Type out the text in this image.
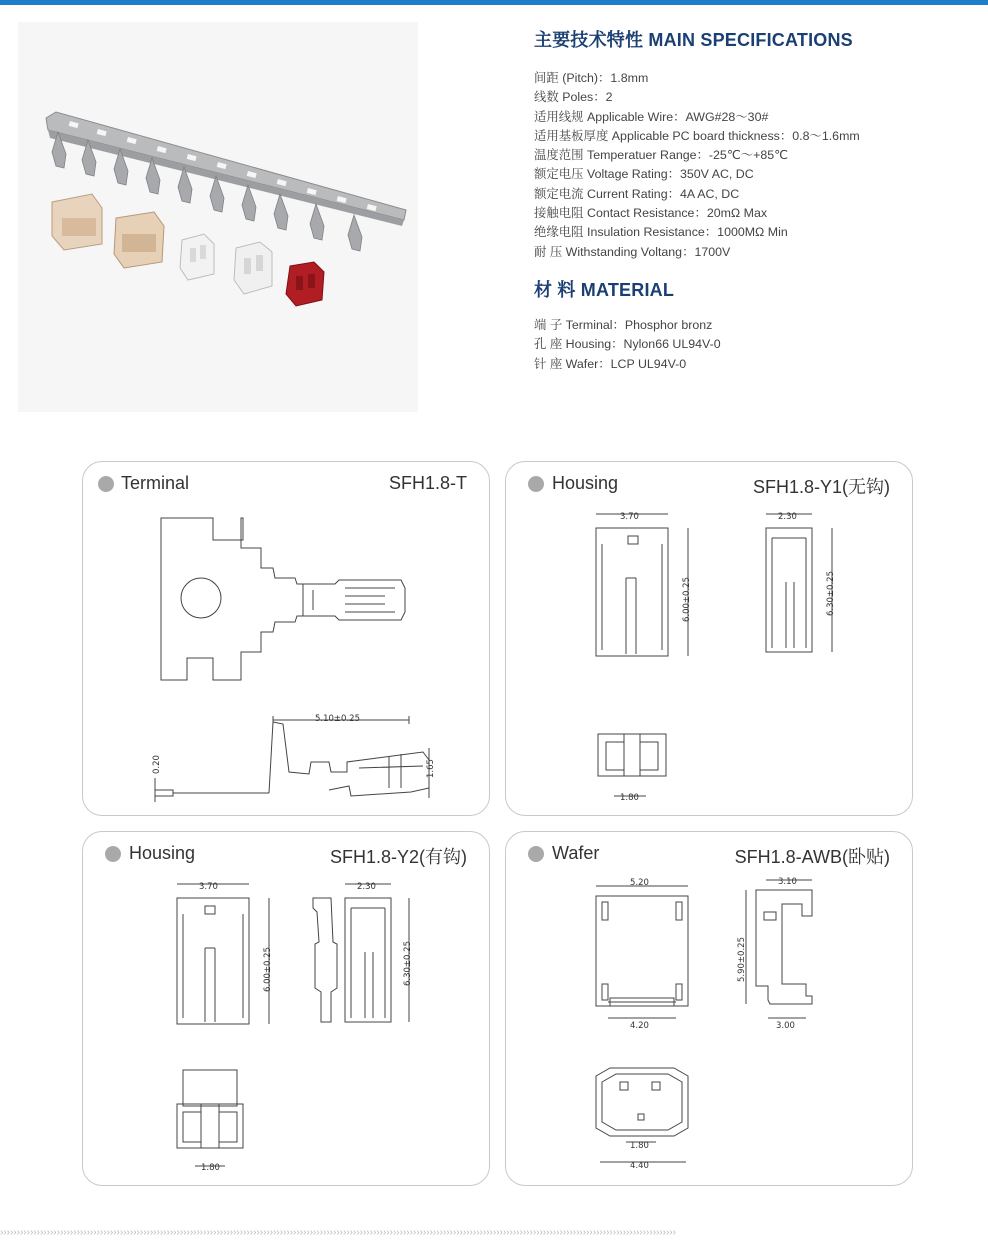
主要技术特性 MAIN SPECIFICATIONS
间距 (Pitch)：1.8mm
线数 Poles：2
适用线规 Applicable Wire：AWG#28～30#
适用基板厚度 Applicable PC board thickness：0.8～1.6mm
温度范围 Temperatuer Range：-25℃～+85℃
额定电压 Voltage Rating：350V AC, DC
额定电流 Current Rating：4A AC, DC
接触电阻 Contact Resistance：20mΩ Max
绝缘电阻 Insulation Resistance：1000MΩ Min
耐 压 Withstanding Voltang：1700V
材 料 MATERIAL
端 子 Terminal：Phosphor bronz
孔 座 Housing：Nylon66 UL94V-0
针 座 Wafer：LCP UL94V-0
Terminal	SFH1.8-T
5.10±0.25
0.20	1.65
Housing	SFH1.8-Y1(无钩)
3.70
6.00±0.25
2.30
6.30±0.25
1.80
Housing	SFH1.8-Y2(有钩)
3.70
6.00±0.25
2.30
6.30±0.25
1.80
Wafer	SFH1.8-AWB(卧贴)
5.20
4.20
3.10
5.90±0.25
3.00
1.80
4.40
›››››››››››››››››››››››››››››››››››››››››››››››››››››››››››››››››››››››››››››››››››››››››››››››››››››››››››››››››››››››››››››››››››››››››››››››››››››››››››››››››››››››››››››››››››››››››››››››››››››››››››
